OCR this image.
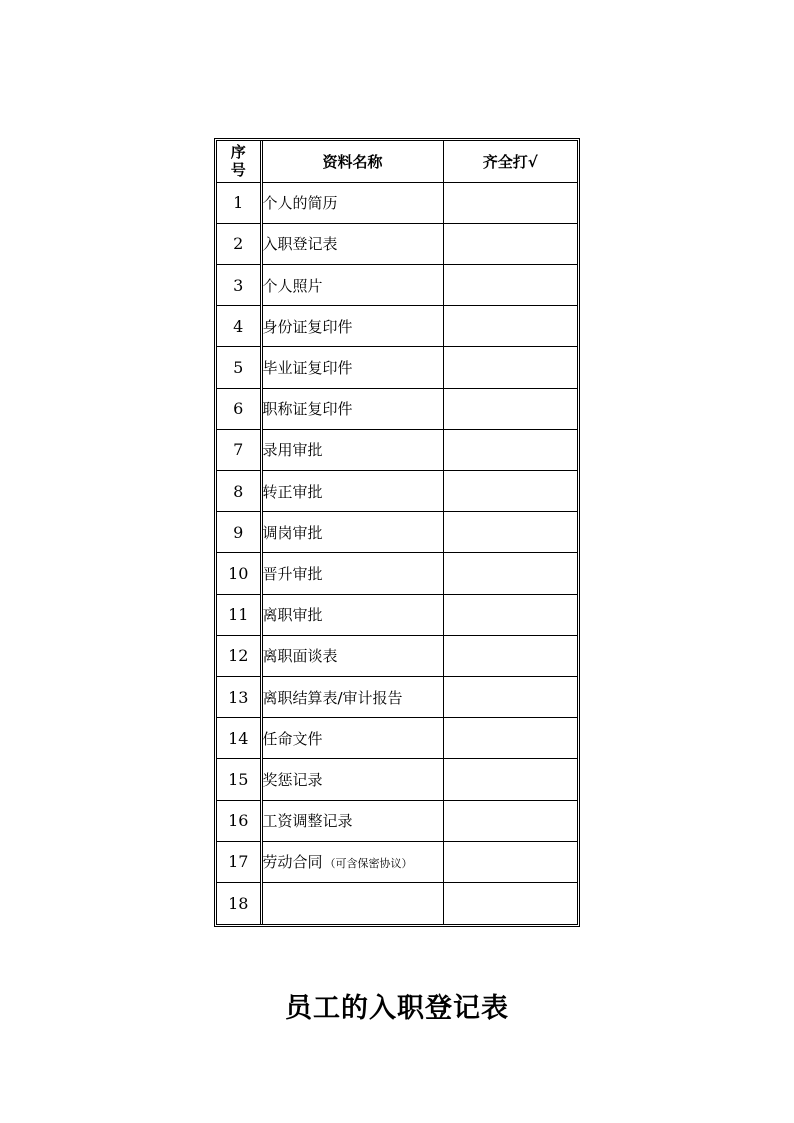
序
号	资料名称	齐全打√
1	个人的简历	
2	入职登记表	
3	个人照片	
4	身份证复印件	
5	毕业证复印件	
6	职称证复印件	
7	录用审批	
8	转正审批	
9	调岗审批	
10	晋升审批	
11	离职审批	
12	离职面谈表	
13	离职结算表/审计报告	
14	任命文件	
15	奖惩记录	
16	工资调整记录	
17	劳动合同 （可含保密协议）	
18		
员工的入职登记表
